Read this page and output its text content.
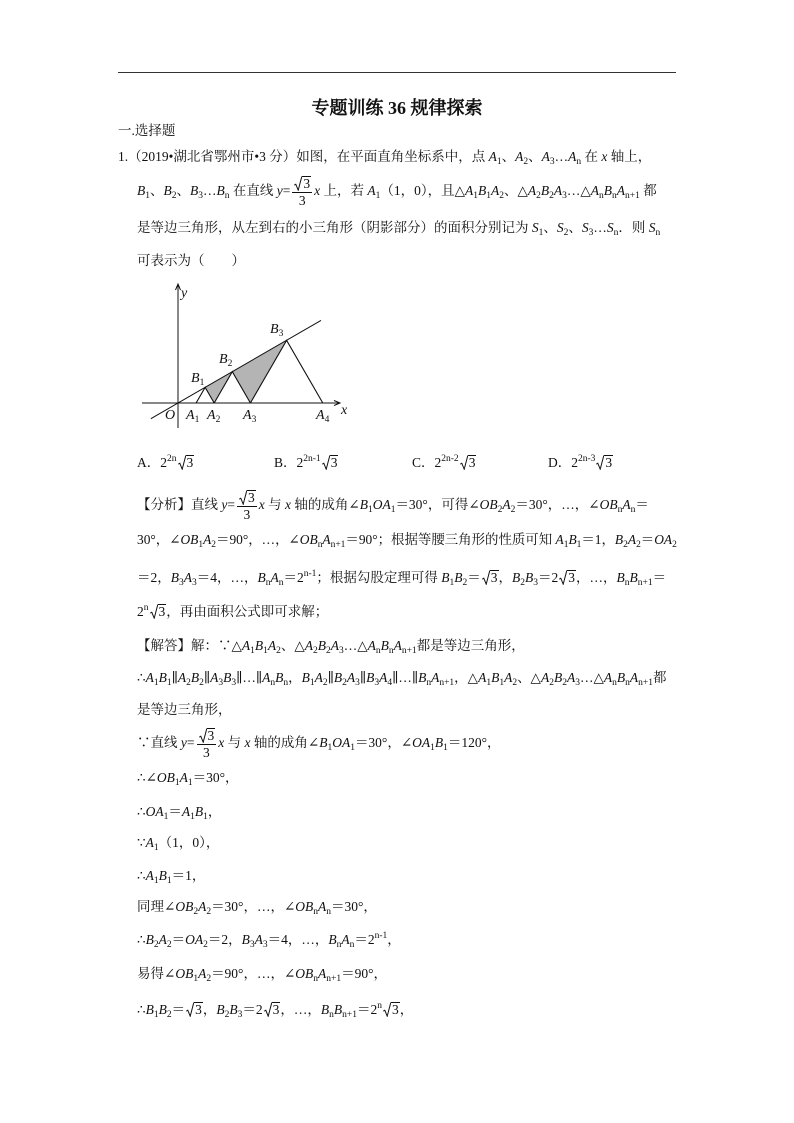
专题训练 36 规律探索
一.选择题
1.（2019•湖北省鄂州市•3 分）如图，在平面直角坐标系中，点 $A_1$、$A_2$、$A_3\dots A_n$ 在 x 轴上，
$B_1$、$B_2$、$B_3\dots B_n$ 在直线 $y= \frac{3}{3}$ x 上，若 $A_1(1$，0），且$\triangle A_1B_1A_2$、$\triangle A_2B_2A_3\dots\triangle A_nB_nA_{n+1}$ 都
是等边三角形，从左到右的小三角形（阴影部分）的面积分别记为 $S_1$、$S_2$、$S_3\dots S_n$．则 $S_n$
可表示为（　　）
y
x
O $A_1$ $A_2$ $A_3$	$A_4$
$B_1$
$B_2$
$B_3$
A．$2^{2n}$ 3	B．$2^{2n-1}$ 3	C．$2^{2n-2}$ 3	D．$2^{2n-3}$ 3
【分析】直线 $y= \frac{3}{3}$ x 与 x 轴的成角$\angle B_1OA_1=30^\circ$，可得$\angle OB_2A_2=30^\circ$，…，$\angle OB_nA_n=$
30°，$\angle OB_1A_2=90^\circ$，…，$\angle OB_nA_{n+1}=90^\circ$；根据等腰三角形的性质可知 $A_1B_1=1$，$B_2A_2=OA_2$
＝2，$B_3A_3=4$，…，$B_nA_n=2^{n-1}$；根据勾股定理可得 $B_1B_2= 3$，$B_2B_3=2$ 3，…，$B_nB_{n+1}=$
$2^n$ 3，再由面积公式即可求解；
【解答】解：$\because\triangle A_1B_1A_2$、$\triangle A_2B_2A_3\dots\triangle A_nB_nA_{n+1}$都是等边三角形，
$\therefore A_1B_1\parallel A_2B_2\parallel A_3B_3\parallel\dots\parallel A_nB_n$，$B_1A_2\parallel B_2A_3\parallel B_3A_4\parallel\dots\parallel B_nA_{n+1}$，$\triangle A_1B_1A_2$、$\triangle A_2B_2A_3\dots\triangle A_nB_nA_{n+1}$都
是等边三角形，
∵直线 $y= \frac{3}{3}$ x 与 x 轴的成角$\angle B_1OA_1=30^\circ$，$\angle OA_1B_1=120^\circ$，
$\therefore\angle OB_1A_1=30^\circ$，
$\therefore OA_1=A_1B_1$，
$\because A_1(1$，0），
$\therefore A_1B_1=1$，
同理$\angle OB_2A_2=30^\circ$，…，$\angle OB_nA_n=30^\circ$，
$\therefore B_2A_2=OA_2=2$，$B_3A_3=4$，…，$B_nA_n=2^{n-1}$，
易得$\angle OB_1A_2=90^\circ$，…，$\angle OB_nA_{n+1}=90^\circ$，
$\therefore B_1B_2= 3$，$B_2B_3=2$ 3，…，$B_nB_{n+1}=2^n$ 3，
